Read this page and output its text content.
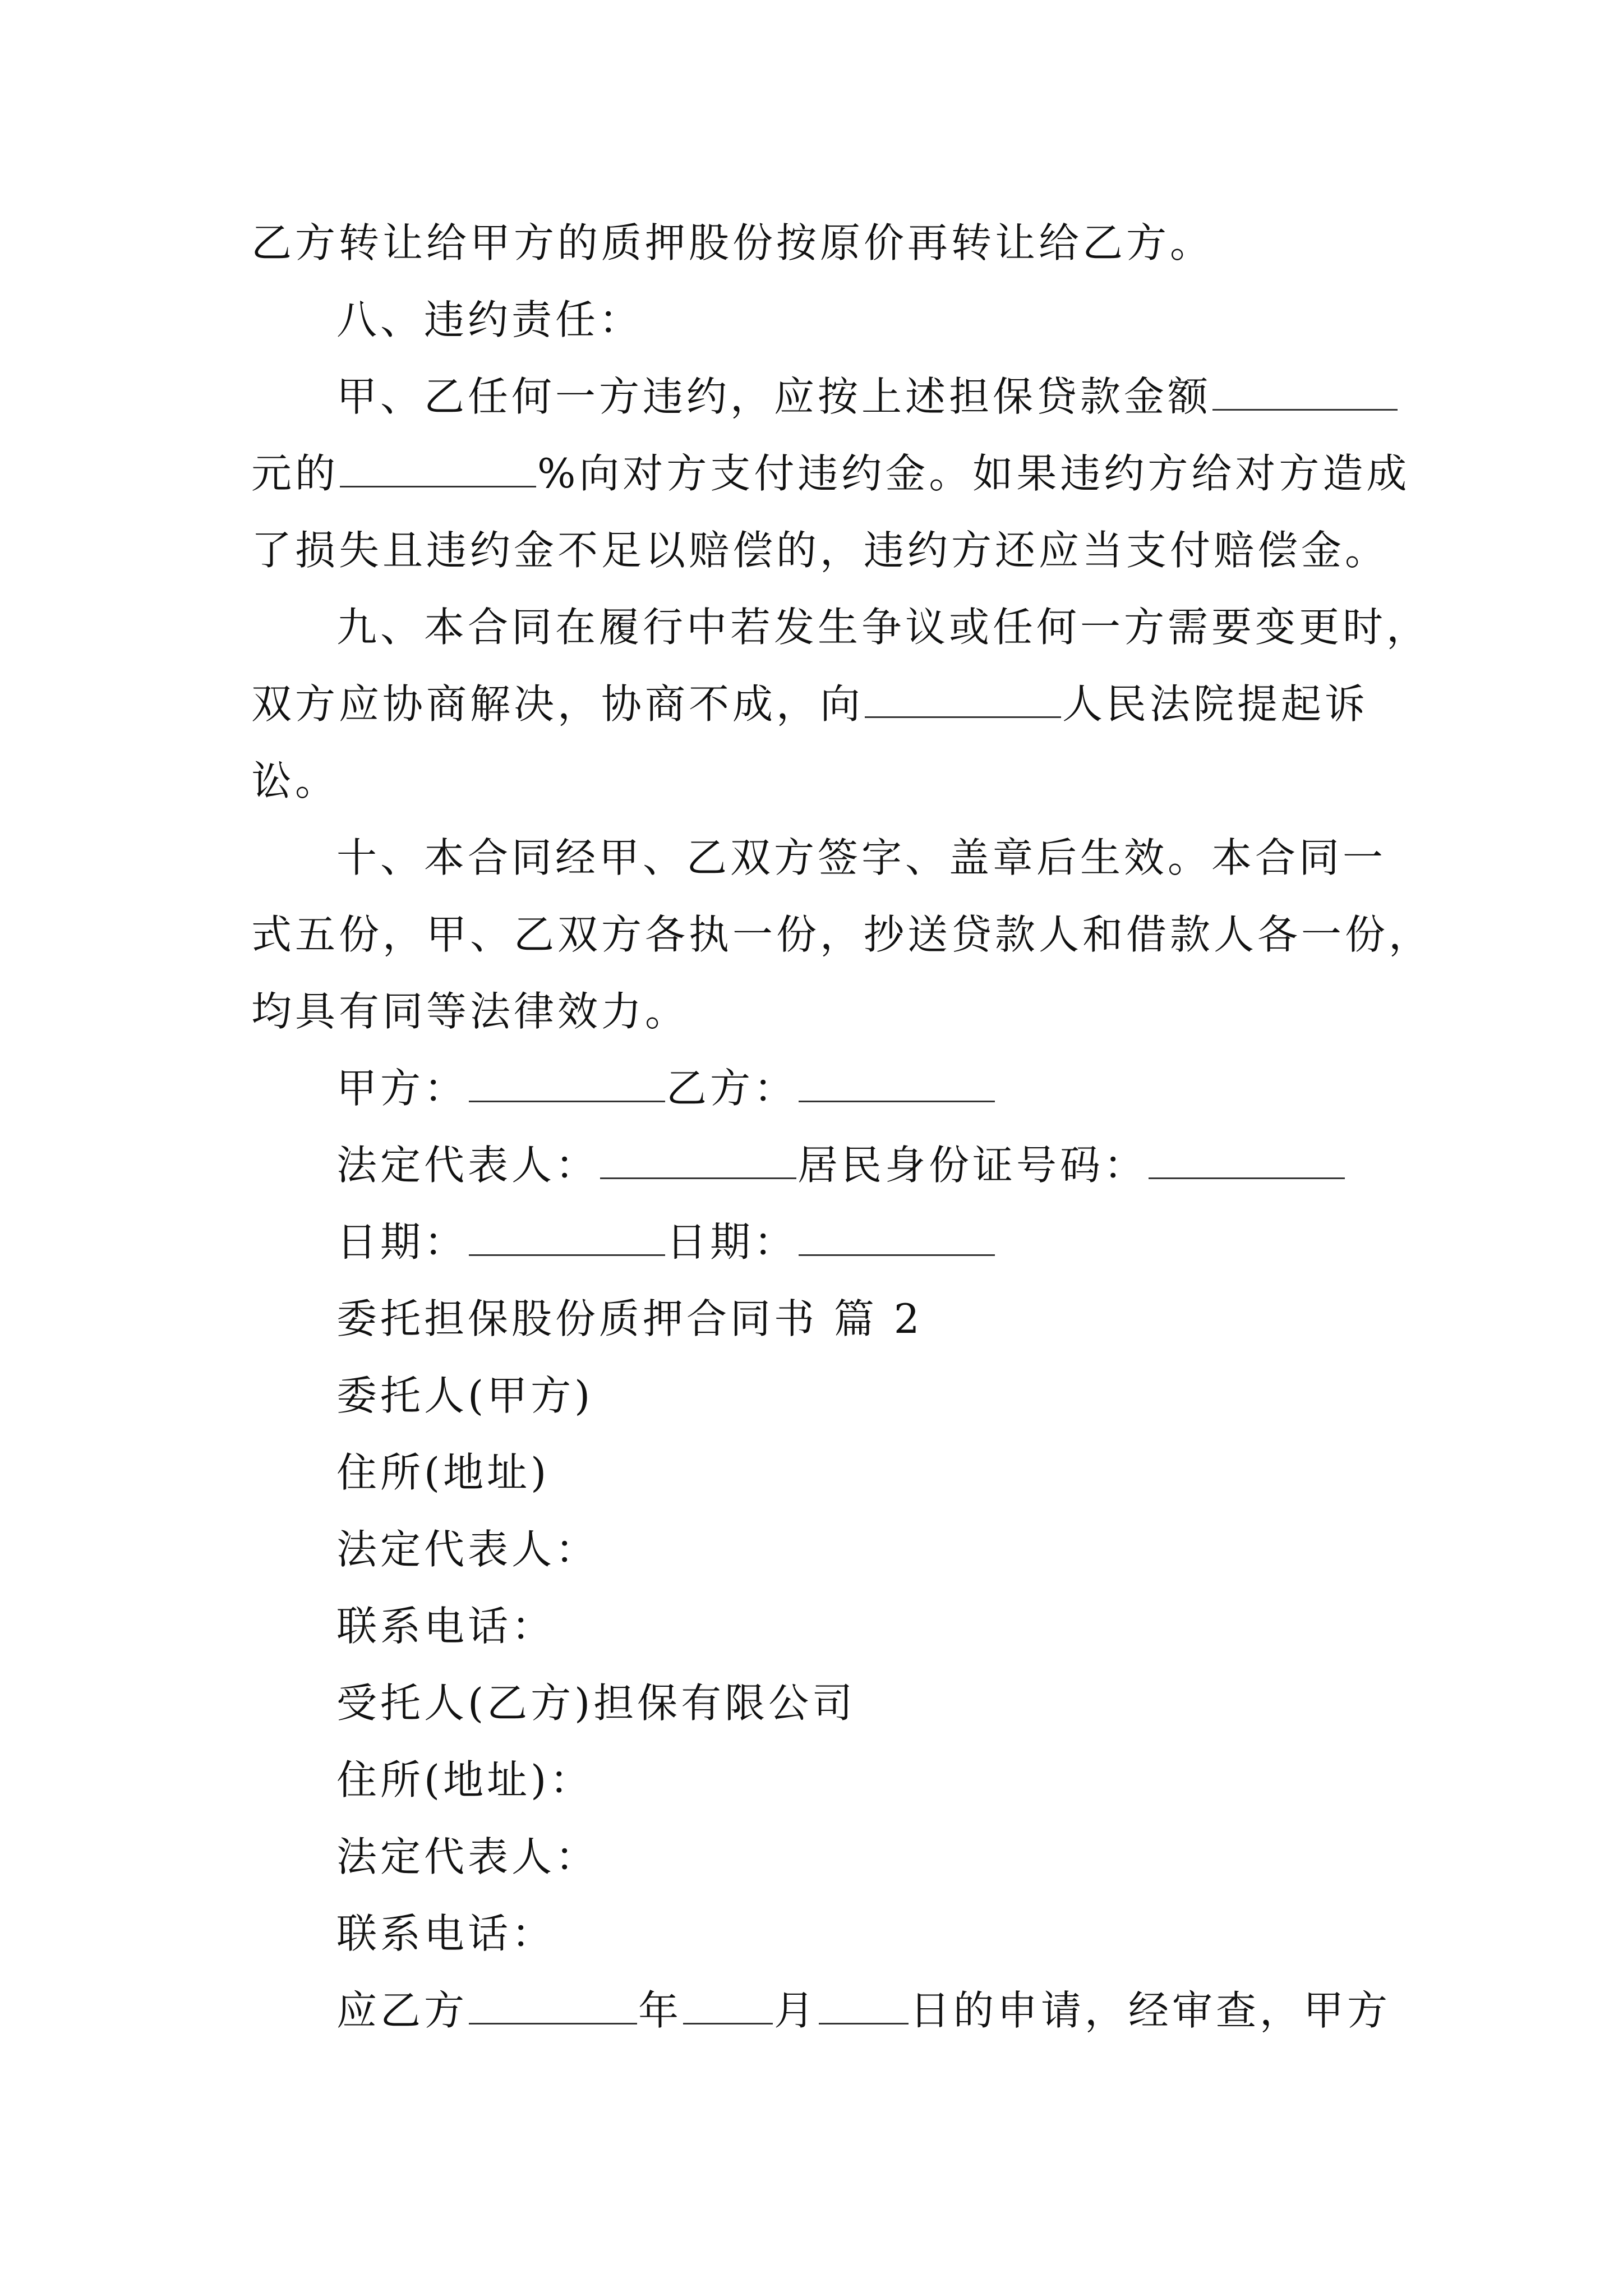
乙方转让给甲方的质押股份按原价再转让给乙方。
八、违约责任：
甲、乙任何一方违约，应按上述担保贷款金额
元的	%向对方支付违约金。如果违约方给对方造成
了损失且违约金不足以赔偿的，违约方还应当支付赔偿金。
九、本合同在履行中若发生争议或任何一方需要变更时，
双方应协商解决，协商不成，向	人民法院提起诉
讼。
十、本合同经甲、乙双方签字、盖章后生效。本合同一
式五份，甲、乙双方各执一份，抄送贷款人和借款人各一份，
均具有同等法律效力。
甲方：	乙方：
法定代表人：	居民身份证号码：
日期：	日期：
委托担保股份质押合同书 篇 2
委托人(甲方)
住所(地址)
法定代表人：
联系电话：
受托人(乙方)担保有限公司
住所(地址)：
法定代表人：
联系电话：
应乙方	年 月 日的申请，经审查，甲方
